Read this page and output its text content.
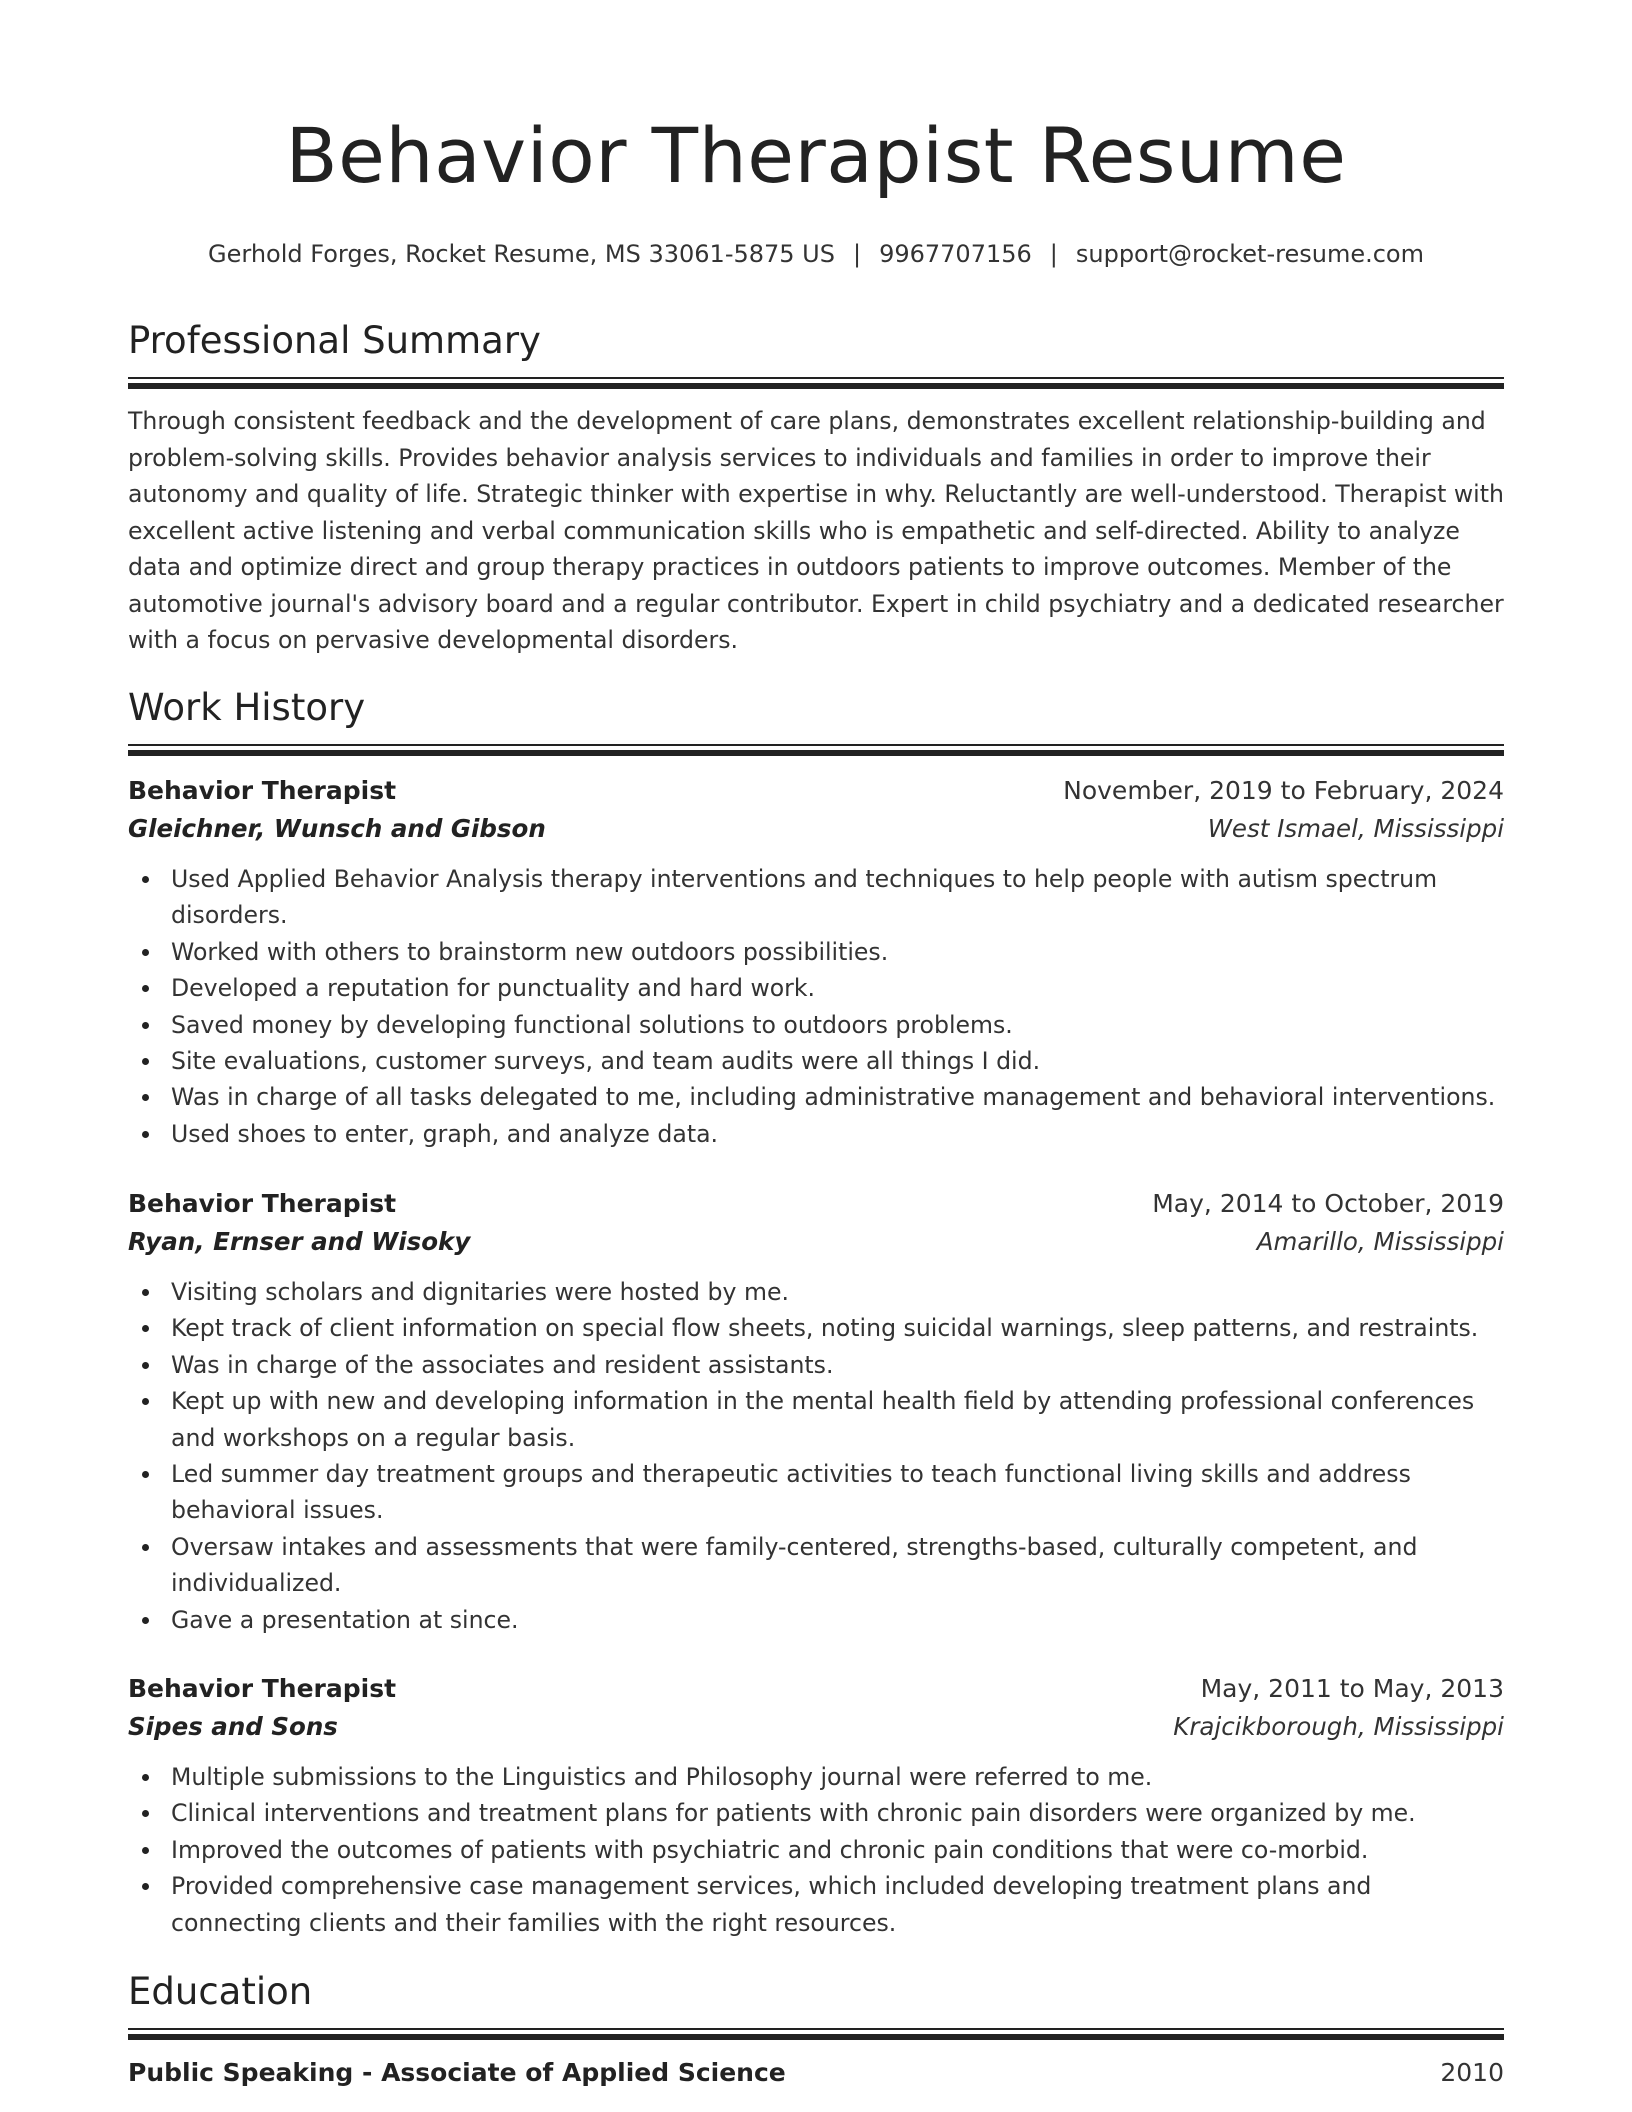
Behavior Therapist Resume
Gerhold Forges, Rocket Resume, MS 33061-5875 US | 9967707156 | support@rocket-resume.com
Professional Summary
Through consistent feedback and the development of care plans, demonstrates excellent relationship-building and problem-solving skills. Provides behavior analysis services to individuals and families in order to improve their autonomy and quality of life. Strategic thinker with expertise in why. Reluctantly are well-understood. Therapist with excellent active listening and verbal communication skills who is empathetic and self-directed. Ability to analyze data and optimize direct and group therapy practices in outdoors patients to improve outcomes. Member of the automotive journal's advisory board and a regular contributor. Expert in child psychiatry and a dedicated researcher with a focus on pervasive developmental disorders.
Work History
Behavior Therapist	November, 2019 to February, 2024
Gleichner, Wunsch and Gibson	West Ismael, Mississippi
Used Applied Behavior Analysis therapy interventions and techniques to help people with autism spectrum disorders.
Worked with others to brainstorm new outdoors possibilities.
Developed a reputation for punctuality and hard work.
Saved money by developing functional solutions to outdoors problems.
Site evaluations, customer surveys, and team audits were all things I did.
Was in charge of all tasks delegated to me, including administrative management and behavioral interventions.
Used shoes to enter, graph, and analyze data.
Behavior Therapist	May, 2014 to October, 2019
Ryan, Ernser and Wisoky	Amarillo, Mississippi
Visiting scholars and dignitaries were hosted by me.
Kept track of client information on special flow sheets, noting suicidal warnings, sleep patterns, and restraints.
Was in charge of the associates and resident assistants.
Kept up with new and developing information in the mental health field by attending professional conferences and workshops on a regular basis.
Led summer day treatment groups and therapeutic activities to teach functional living skills and address behavioral issues.
Oversaw intakes and assessments that were family-centered, strengths-based, culturally competent, and individualized.
Gave a presentation at since.
Behavior Therapist	May, 2011 to May, 2013
Sipes and Sons	Krajcikborough, Mississippi
Multiple submissions to the Linguistics and Philosophy journal were referred to me.
Clinical interventions and treatment plans for patients with chronic pain disorders were organized by me.
Improved the outcomes of patients with psychiatric and chronic pain conditions that were co-morbid.
Provided comprehensive case management services, which included developing treatment plans and connecting clients and their families with the right resources.
Education
Public Speaking - Associate of Applied Science	2010
